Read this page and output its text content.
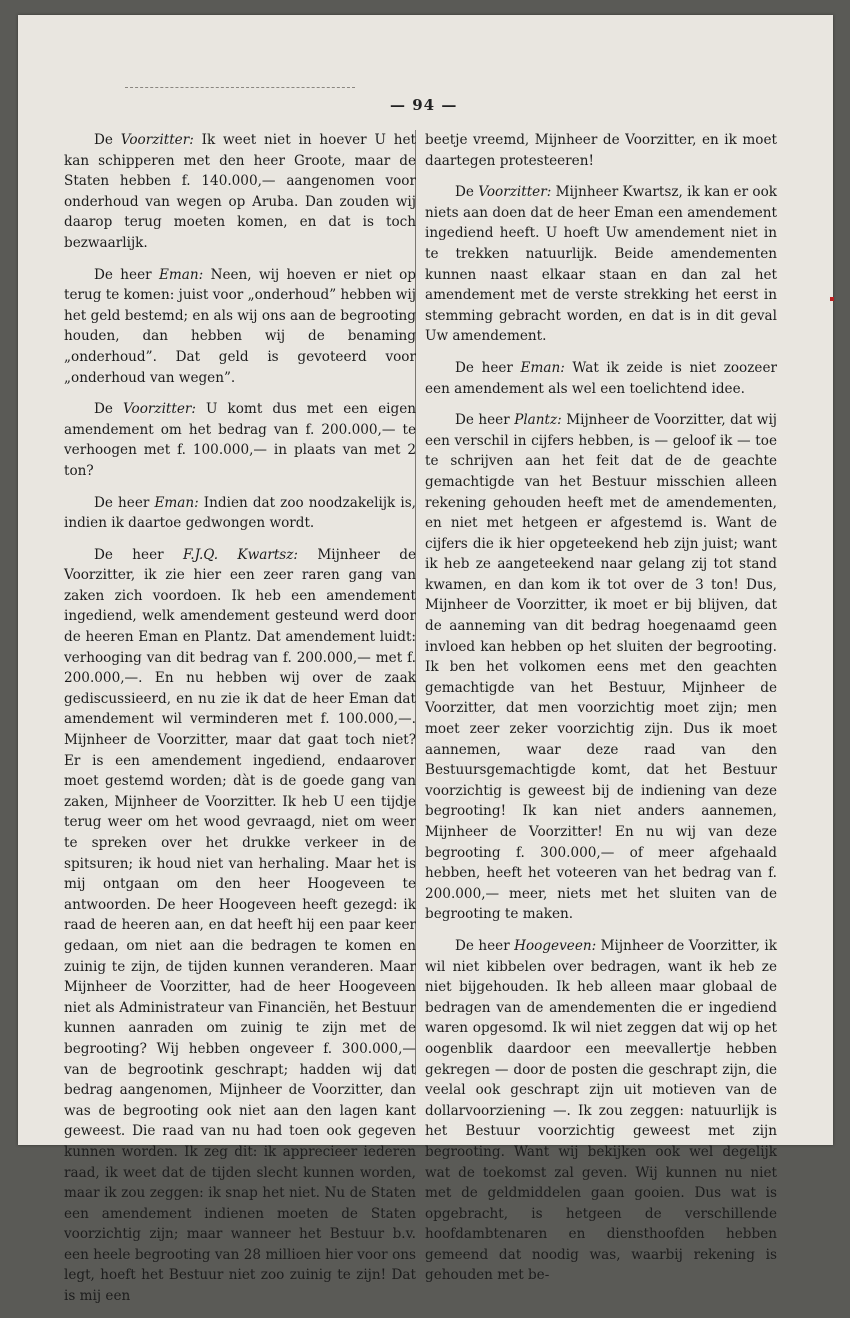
— 94 —

De Voorzitter: Ik weet niet in hoever U het kan schipperen met den heer Groote, maar de Staten hebben f. 140.000,— aangenomen voor onderhoud van wegen op Aruba. Dan zouden wij daarop terug moeten komen, en dat is toch bezwaarlijk.

De heer Eman: Neen, wij hoeven er niet op terug te komen: juist voor „onderhoud” hebben wij het geld bestemd; en als wij ons aan de begrooting houden, dan hebben wij de benaming „onderhoud”. Dat geld is gevoteerd voor „onderhoud van wegen”.

De Voorzitter: U komt dus met een eigen amendement om het bedrag van f. 200.000,— te verhoogen met f. 100.000,— in plaats van met 2 ton?

De heer Eman: Indien dat zoo noodzakelijk is, indien ik daartoe gedwongen wordt.

De heer F.J.Q. Kwartsz: Mijnheer de Voorzitter, ik zie hier een zeer raren gang van zaken zich voordoen. Ik heb een amendement ingediend, welk amendement gesteund werd door de heeren Eman en Plantz. Dat amendement luidt: verhooging van dit bedrag van f. 200.000,— met f. 200.000,—. En nu hebben wij over de zaak gediscussieerd, en nu zie ik dat de heer Eman dat amendement wil verminderen met f. 100.000,—. Mijnheer de Voorzitter, maar dat gaat toch niet? Er is een amendement ingediend, endaarover moet gestemd worden; dàt is de goede gang van zaken, Mijnheer de Voorzitter. Ik heb U een tijdje terug weer om het wood gevraagd, niet om weer te spreken over het drukke verkeer in de spitsuren; ik houd niet van herhaling. Maar het is mij ontgaan om den heer Hoogeveen te antwoorden. De heer Hoogeveen heeft gezegd: ik raad de heeren aan, en dat heeft hij een paar keer gedaan, om niet aan die bedragen te komen en zuinig te zijn, de tijden kunnen veranderen. Maar Mijnheer de Voorzitter, had de heer Hoogeveen niet als Administrateur van Financiën, het Bestuur kunnen aanraden om zuinig te zijn met de begrooting? Wij hebben ongeveer f. 300.000,— van de begrootink geschrapt; hadden wij dat bedrag aangenomen, Mijnheer de Voorzitter, dan was de begrooting ook niet aan den lagen kant geweest. Die raad van nu had toen ook gegeven kunnen worden. Ik zeg dit: ik apprecieer iederen raad, ik weet dat de tijden slecht kunnen worden, maar ik zou zeggen: ik snap het niet. Nu de Staten een amendement indienen moeten de Staten voorzichtig zijn; maar wanneer het Bestuur b.v. een heele begrooting van 28 millioen hier voor ons legt, hoeft het Bestuur niet zoo zuinig te zijn! Dat is mij een

beetje vreemd, Mijnheer de Voorzitter, en ik moet daartegen protesteeren!

De Voorzitter: Mijnheer Kwartsz, ik kan er ook niets aan doen dat de heer Eman een amendement ingediend heeft. U hoeft Uw amendement niet in te trekken natuurlijk. Beide amendementen kunnen naast elkaar staan en dan zal het amendement met de verste strekking het eerst in stemming gebracht worden, en dat is in dit geval Uw amendement.

De heer Eman: Wat ik zeide is niet zoozeer een amendement als wel een toelichtend idee.

De heer Plantz: Mijnheer de Voorzitter, dat wij een verschil in cijfers hebben, is — geloof ik — toe te schrijven aan het feit dat de de geachte gemachtigde van het Bestuur misschien alleen rekening gehouden heeft met de amendementen, en niet met hetgeen er afgestemd is. Want de cijfers die ik hier opgeteekend heb zijn juist; want ik heb ze aangeteekend naar gelang zij tot stand kwamen, en dan kom ik tot over de 3 ton! Dus, Mijnheer de Voorzitter, ik moet er bij blijven, dat de aanneming van dit bedrag hoegenaamd geen invloed kan hebben op het sluiten der begrooting. Ik ben het volkomen eens met den geachten gemachtigde van het Bestuur, Mijnheer de Voorzitter, dat men voorzichtig moet zijn; men moet zeer zeker voorzichtig zijn. Dus ik moet aannemen, waar deze raad van den Bestuursgemachtigde komt, dat het Bestuur voorzichtig is geweest bij de indiening van deze begrooting! Ik kan niet anders aannemen, Mijnheer de Voorzitter! En nu wij van deze begrooting f. 300.000,— of meer afgehaald hebben, heeft het voteeren van het bedrag van f. 200.000,— meer, niets met het sluiten van de begrooting te maken.

De heer Hoogeveen: Mijnheer de Voorzitter, ik wil niet kibbelen over bedragen, want ik heb ze niet bijgehouden. Ik heb alleen maar globaal de bedragen van de amendementen die er ingediend waren opgesomd. Ik wil niet zeggen dat wij op het oogenblik daardoor een meevallertje hebben gekregen — door de posten die geschrapt zijn, die veelal ook geschrapt zijn uit motieven van de dollarvoorziening —. Ik zou zeggen: natuurlijk is het Bestuur voorzichtig geweest met zijn begrooting. Want wij bekijken ook wel degelijk wat de toekomst zal geven. Wij kunnen nu niet met de geldmiddelen gaan gooien. Dus wat is opgebracht, is hetgeen de verschillende hoofdambtenaren en diensthoofden hebben gemeend dat noodig was, waarbij rekening is gehouden met be-
